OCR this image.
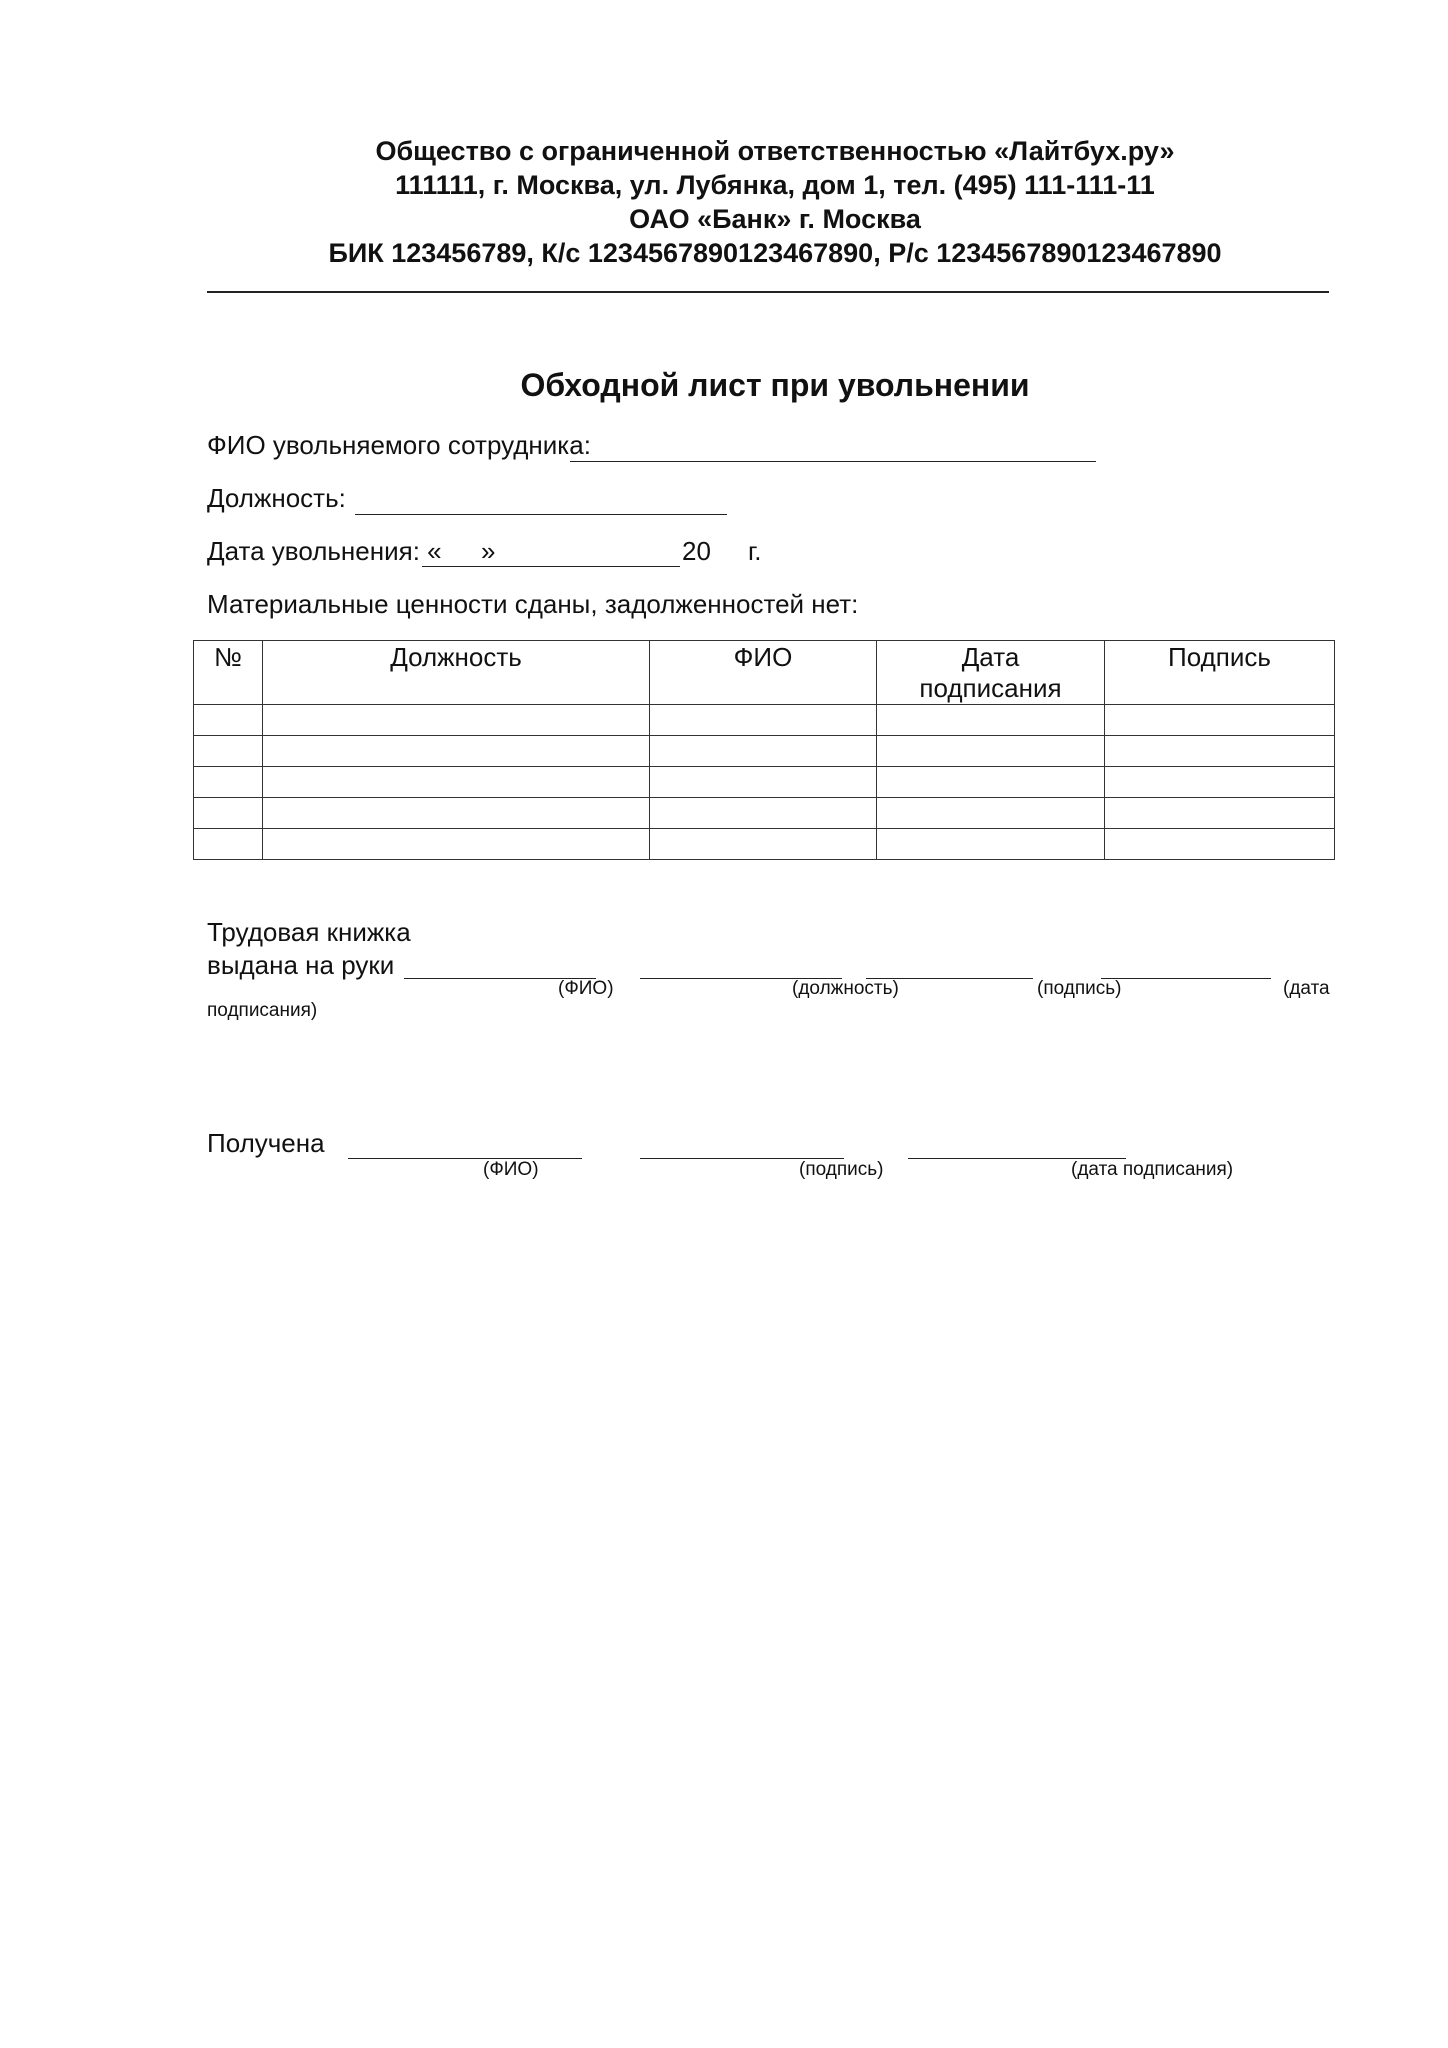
Общество с ограниченной ответственностью «Лайтбух.ру»
111111, г. Москва, ул. Лубянка, дом 1, тел. (495) 111-111-11
ОАО «Банк» г. Москва
БИК 123456789, К/с 1234567890123467890, Р/с 1234567890123467890
Обходной лист при увольнении
ФИО увольняемого сотрудника:
Должность:
Дата увольнения: « »	20 г.
Материальные ценности сданы, задолженностей нет:
№	Должность	ФИО	Дата подписания	Подпись

Трудовая книжка
выдана на руки
(ФИО)	(должность)	(подпись)	(дата
подписания)
Получена
(ФИО)	(подпись)	(дата подписания)
